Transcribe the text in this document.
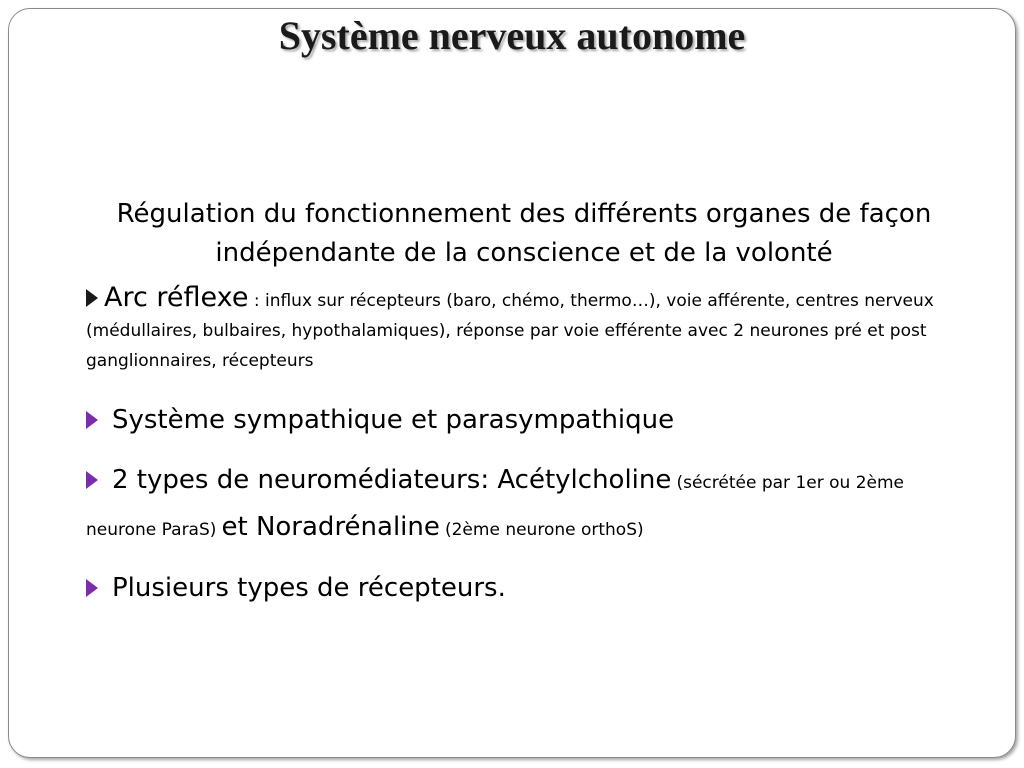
Système nerveux autonome

Régulation du fonctionnement des différents organes de façon indépendante de la conscience et de la volonté

Arc réflexe : influx sur récepteurs (baro, chémo, thermo…), voie afférente, centres nerveux (médullaires, bulbaires, hypothalamiques), réponse par voie efférente avec 2 neurones pré et post ganglionnaires, récepteurs

Système sympathique et parasympathique

2 types de neuromédiateurs: Acétylcholine (sécrétée par 1er ou 2ème neurone ParaS) et Noradrénaline (2ème neurone orthoS)

Plusieurs types de récepteurs.
